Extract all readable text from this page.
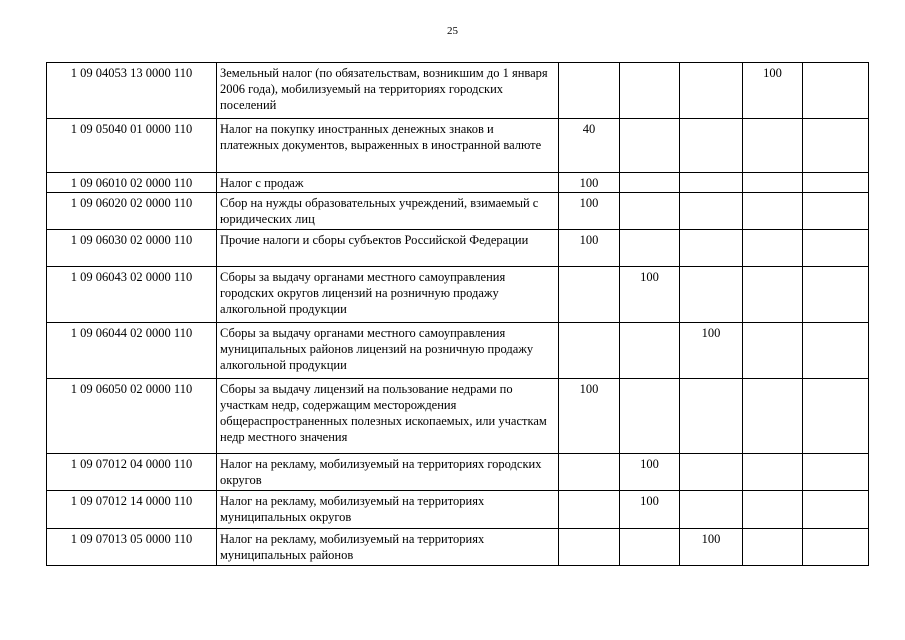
25
1 09 04053 13 0000 110	Земельный налог (по обязательствам, возникшим до 1 января 2006 года), мобилизуемый на территориях городских поселений				100	
1 09 05040 01 0000 110	Налог на покупку иностранных денежных знаков и платежных документов, выраженных в иностранной валюте	40				
1 09 06010 02 0000 110	Налог с продаж	100				
1 09 06020 02 0000 110	Сбор на нужды образовательных учреждений, взимаемый с юридических лиц	100				
1 09 06030 02 0000 110	Прочие налоги и сборы субъектов Российской Федерации	100				
1 09 06043 02 0000 110	Сборы за выдачу органами местного самоуправления городских округов лицензий на розничную продажу алкогольной продукции		100			
1 09 06044 02 0000 110	Сборы за выдачу органами местного самоуправления муниципальных районов лицензий на розничную продажу алкогольной продукции			100		
1 09 06050 02 0000 110	Сборы за выдачу лицензий на пользование недрами по участкам недр, содержащим месторождения общераспространенных полезных ископаемых, или участкам недр местного значения	100				
1 09 07012 04 0000 110	Налог на рекламу, мобилизуемый на территориях городских округов		100			
1 09 07012 14 0000 110	Налог на рекламу, мобилизуемый на территориях муниципальных округов		100			
1 09 07013 05 0000 110	Налог на рекламу, мобилизуемый на территориях муниципальных районов			100		
